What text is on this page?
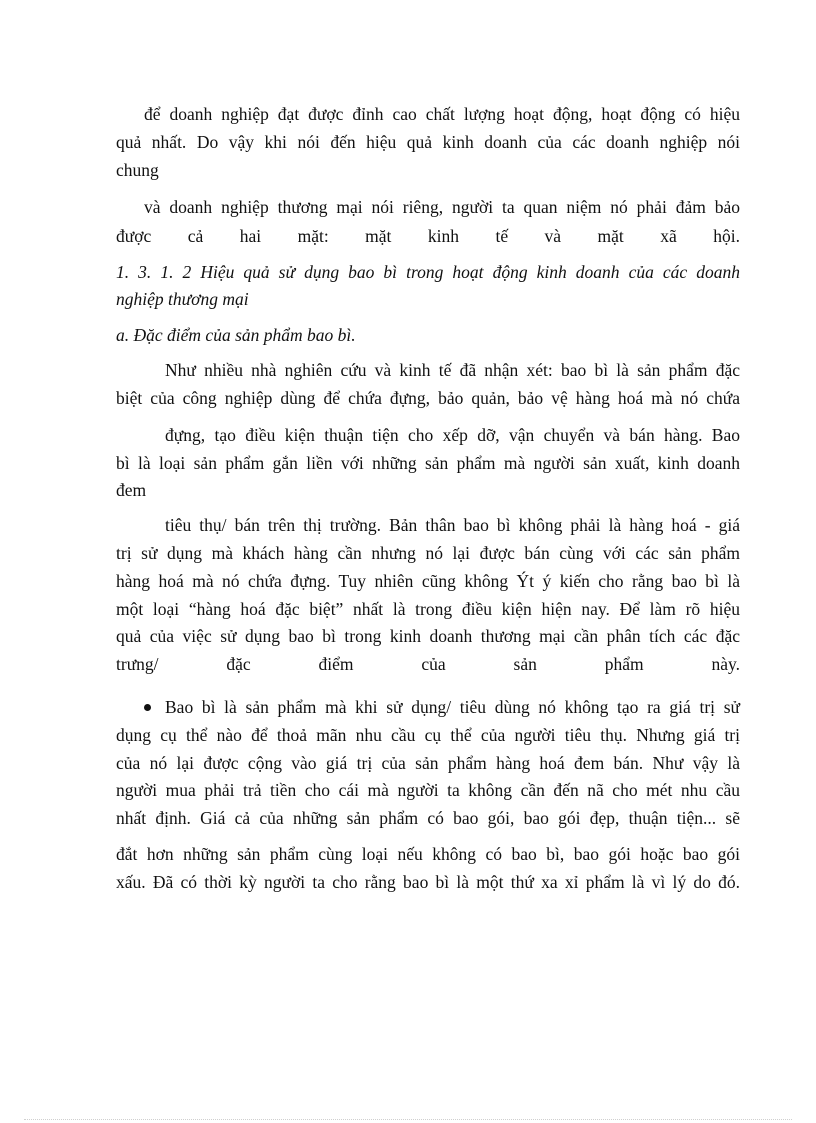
để doanh nghiệp đạt được đỉnh cao chất lượng hoạt động, hoạt động có hiệu
quả nhất. Do vậy khi nói đến hiệu quả kinh doanh của các doanh nghiệp nói
chung
và doanh nghiệp thương mại nói riêng, người ta quan niệm nó phải đảm bảo
được cả hai mặt: mặt kinh tế và mặt xã hội.
1. 3. 1. 2 Hiệu quả sử dụng bao bì trong hoạt động kinh doanh của các doanh
nghiệp thương mại
a. Đặc điểm của sản phẩm bao bì.
Như nhiều nhà nghiên cứu và kinh tế đã nhận xét: bao bì là sản phẩm đặc
biệt của công nghiệp dùng để chứa đựng, bảo quản, bảo vệ hàng hoá mà nó chứa
đựng, tạo điều kiện thuận tiện cho xếp dỡ, vận chuyển và bán hàng. Bao
bì là loại sản phẩm gắn liền với những sản phẩm mà người sản xuất, kinh doanh
đem
tiêu thụ/ bán trên thị trường. Bản thân bao bì không phải là hàng hoá - giá
trị sử dụng mà khách hàng cần nhưng nó lại được bán cùng với các sản phẩm
hàng hoá mà nó chứa đựng. Tuy nhiên cũng không Ýt ý kiến cho rằng bao bì là
một loại “hàng hoá đặc biệt” nhất là trong điều kiện hiện nay. Để làm rõ hiệu
quả của việc sử dụng bao bì trong kinh doanh thương mại cần phân tích các đặc
trưng/ đặc điểm của sản phẩm này.
Bao bì là sản phẩm mà khi sử dụng/ tiêu dùng nó không tạo ra giá trị sử
dụng cụ thể nào để thoả mãn nhu cầu cụ thể của người tiêu thụ. Nhưng giá trị
của nó lại được cộng vào giá trị của sản phẩm hàng hoá đem bán. Như vậy là
người mua phải trả tiền cho cái mà người ta không cần đến nã cho mét nhu cầu
nhất định. Giá cả của những sản phẩm có bao gói, bao gói đẹp, thuận tiện... sẽ
đắt hơn những sản phẩm cùng loại nếu không có bao bì, bao gói hoặc bao gói
xấu. Đã có thời kỳ người ta cho rằng bao bì là một thứ xa xỉ phẩm là vì lý do đó.
